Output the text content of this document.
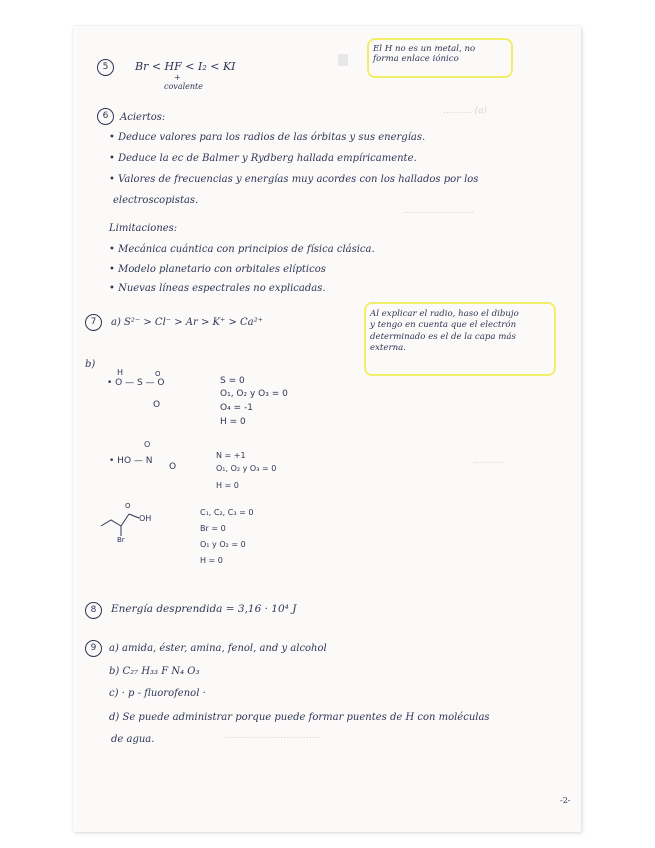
.......... (a)
.........................
...........
..................................
5	Br < HF < I₂ < KI
+
covalente
El H no es un metal, no
forma enlace iónico
6	Aciertos:
• Deduce valores para los radios de las órbitas y sus energías.
• Deduce la ec de Balmer y Rydberg hallada empíricamente.
• Valores de frecuencias y energías muy acordes con los hallados por los
electroscopistas.
Limitaciones:
• Mecánica cuántica con principios de física clásica.
• Modelo planetario con orbitales elípticos
• Nuevas líneas espectrales no explicadas.
7	a) S²⁻ > Cl⁻ > Ar > K⁺ > Ca²⁺
Al explicar el radio, haso el dibujo
y tengo en cuenta que el electrón
determinado es el de la capa más
externa.
b)
H
• O — S — O
O
O
S = 0
O₁, O₂ y O₃ = 0
O₄ = -1
H = 0
O
• HO — N
O
N = +1
O₁, O₂ y O₃ = 0
H = 0
O
OH
Br
C₁, C₂, C₃ = 0
Br = 0
O₁ y O₂ = 0
H = 0
8	Energía desprendida = 3,16 · 10⁴ J
9	a) amida, éster, amina, fenol, and y alcohol
b) C₂₇ H₃₃ F N₄ O₃
c) · p - fluorofenol ·
d) Se puede administrar porque puede formar puentes de H con moléculas
de agua.
-2-
